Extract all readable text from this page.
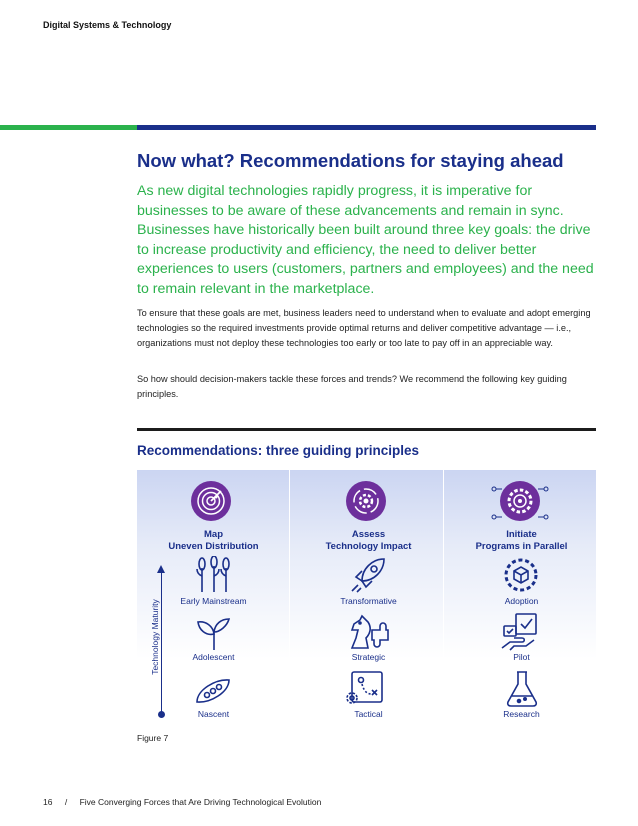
Digital Systems & Technology
Now what? Recommendations for staying ahead
As new digital technologies rapidly progress, it is imperative for businesses to be aware of these advancements and remain in sync. Businesses have historically been built around three key goals: the drive to increase productivity and efficiency, the need to deliver better experiences to users (customers, partners and employees) and the need to remain relevant in the marketplace.
To ensure that these goals are met, business leaders need to understand when to evaluate and adopt emerging technologies so the required investments provide optimal returns and deliver competitive advantage — i.e., organizations must not deploy these technologies too early or too late to pay off in an appreciable way.
So how should decision-makers tackle these forces and trends? We recommend the following key guiding principles.
Recommendations: three guiding principles
Technology Maturity
Map
Uneven Distribution
Early Mainstream
Adolescent
Nascent
Assess
Technology Impact
Transformative
Strategic
Tactical
Initiate
Programs in Parallel
Adoption
Pilot
Research
Figure 7
16 / Five Converging Forces that Are Driving Technological Evolution
